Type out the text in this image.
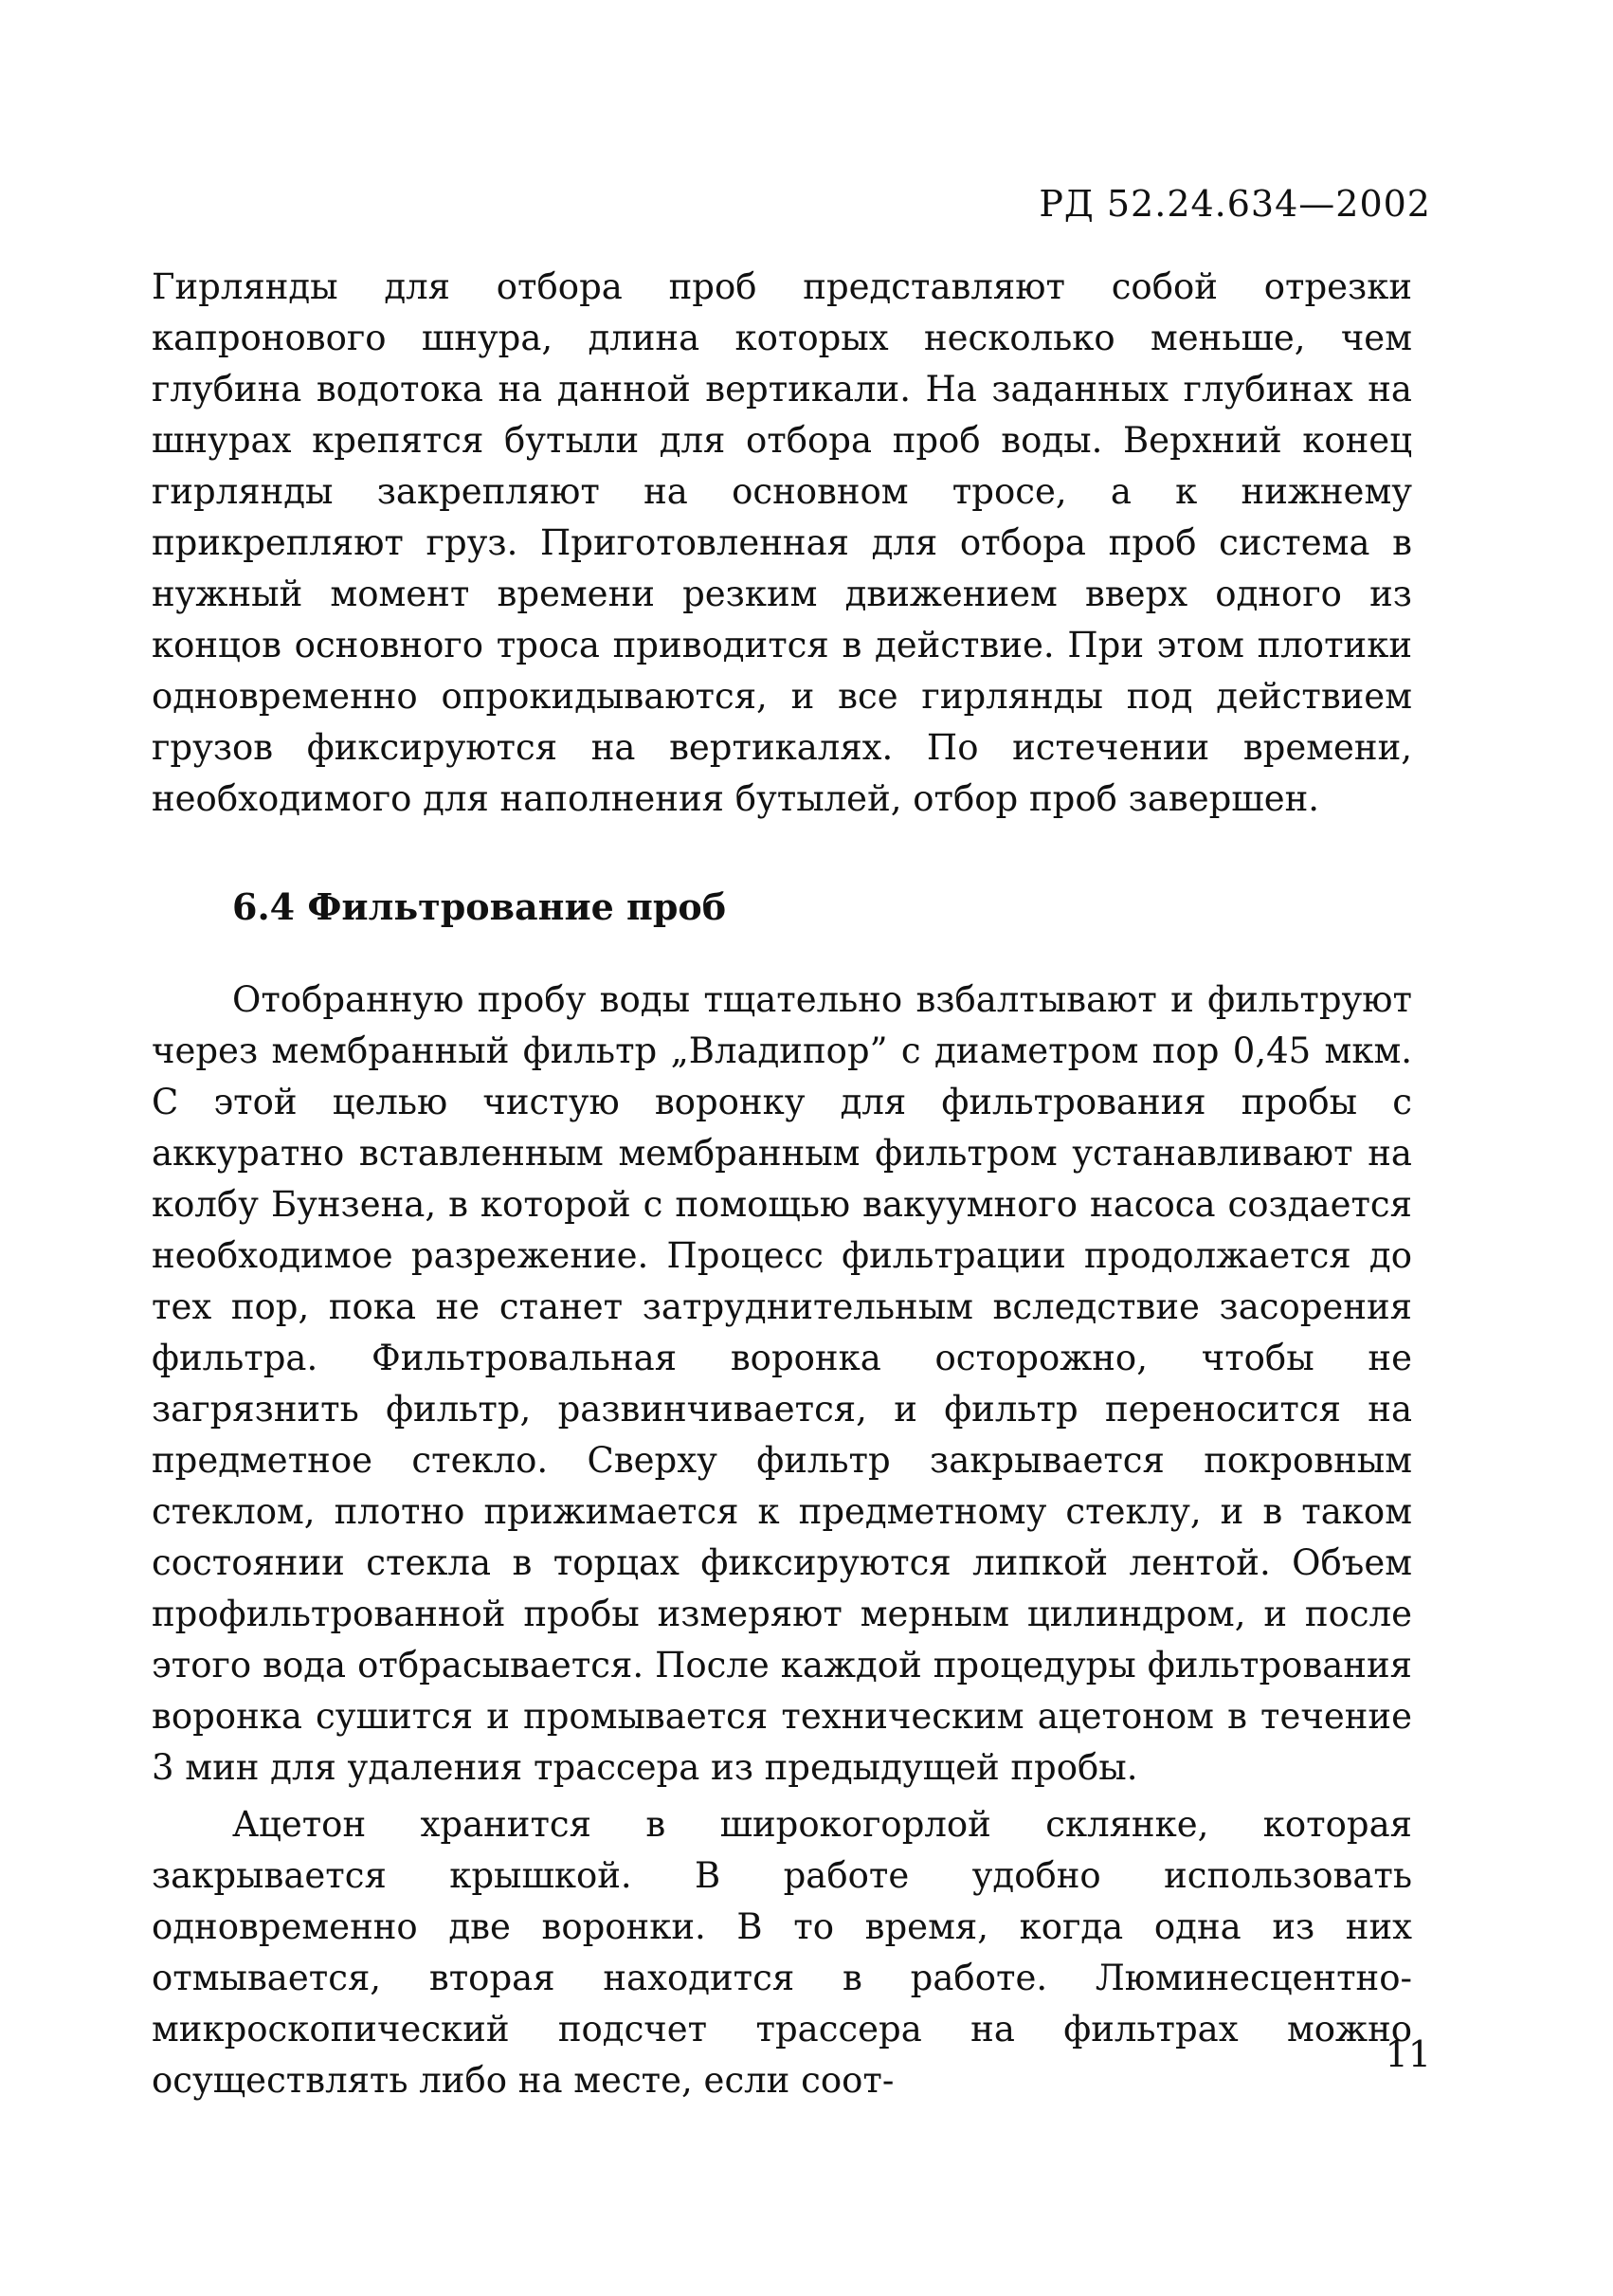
РД 52.24.634—2002

Гирлянды для отбора проб представляют собой отрезки капронового шнура, длина которых несколько меньше, чем глубина водотока на данной вертикали. На заданных глубинах на шнурах крепятся бутыли для отбора проб воды. Верхний конец гирлянды закрепляют на основном тросе, а к нижнему прикрепляют груз. Приготовленная для отбора проб система в нужный момент времени резким движением вверх одного из концов основного троса приводится в действие. При этом плотики одновременно опрокидываются, и все гирлянды под действием грузов фиксируются на вертикалях. По истечении времени, необходимого для наполнения бутылей, отбор проб завершен.

6.4 Фильтрование проб

Отобранную пробу воды тщательно взбалтывают и фильтруют через мембранный фильтр „Владипор” с диаметром пор 0,45 мкм. С этой целью чистую воронку для фильтрования пробы с аккуратно вставленным мембранным фильтром устанавливают на колбу Бунзена, в которой с помощью вакуумного насоса создается необходимое разрежение. Процесс фильтрации продолжается до тех пор, пока не станет затруднительным вследствие засорения фильтра. Фильтровальная воронка осторожно, чтобы не загрязнить фильтр, развинчивается, и фильтр переносится на предметное стекло. Сверху фильтр закрывается покровным стеклом, плотно прижимается к предметному стеклу, и в таком состоянии стекла в торцах фиксируются липкой лентой. Объем профильтрованной пробы измеряют мерным цилиндром, и после этого вода отбрасывается. После каждой процедуры фильтрования воронка сушится и промывается техническим ацетоном в течение 3 мин для удаления трассера из предыдущей пробы.

Ацетон хранится в широкогорлой склянке, которая закрывается крышкой. В работе удобно использовать одновременно две воронки. В то время, когда одна из них отмывается, вторая находится в работе. Люминесцентно-микроскопический подсчет трассера на фильтрах можно осуществлять либо на месте, если соот-

11
